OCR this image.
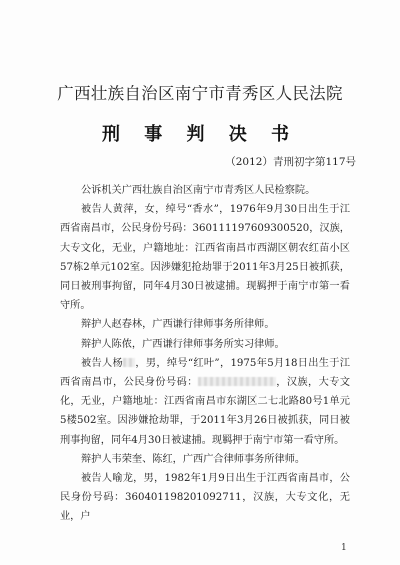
广西壮族自治区南宁市青秀区人民法院
刑 事 判 决 书
（2012）青刑初字第117号

公诉机关广西壮族自治区南宁市青秀区人民检察院。

被告人黄萍，女，绰号“香水”，1976年9月30日出生于江西省南昌市，公民身份号码：360111197609300520，汉族，大专文化，无业，户籍地址：江西省南昌市西湖区朝农红苗小区57栋2单元102室。因涉嫌犯抢劫罪于2011年3月25日被抓获，同日被刑事拘留，同年4月30日被逮捕。现羁押于南宁市第一看守所。

辩护人赵春林，广西谦行律师事务所律师。

辩护人陈侬，广西谦行律师事务所实习律师。

被告人杨 ，男，绰号“红叶”，1975年5月18日出生于江西省南昌市，公民身份号码：	，汉族，大专文化，无业，户籍地址：江西省南昌市东湖区二七北路80号1单元5楼502室。因涉嫌抢劫罪，于2011年3月26日被抓获，同日被刑事拘留，同年4月30日被逮捕。现羁押于南宁市第一看守所。

辩护人韦荣奎、陈红，广西广合律师事务所律师。

被告人喻龙，男，1982年1月9日出生于江西省南昌市，公民身份号码：360401198201092711，汉族，大专文化，无业，户

1
